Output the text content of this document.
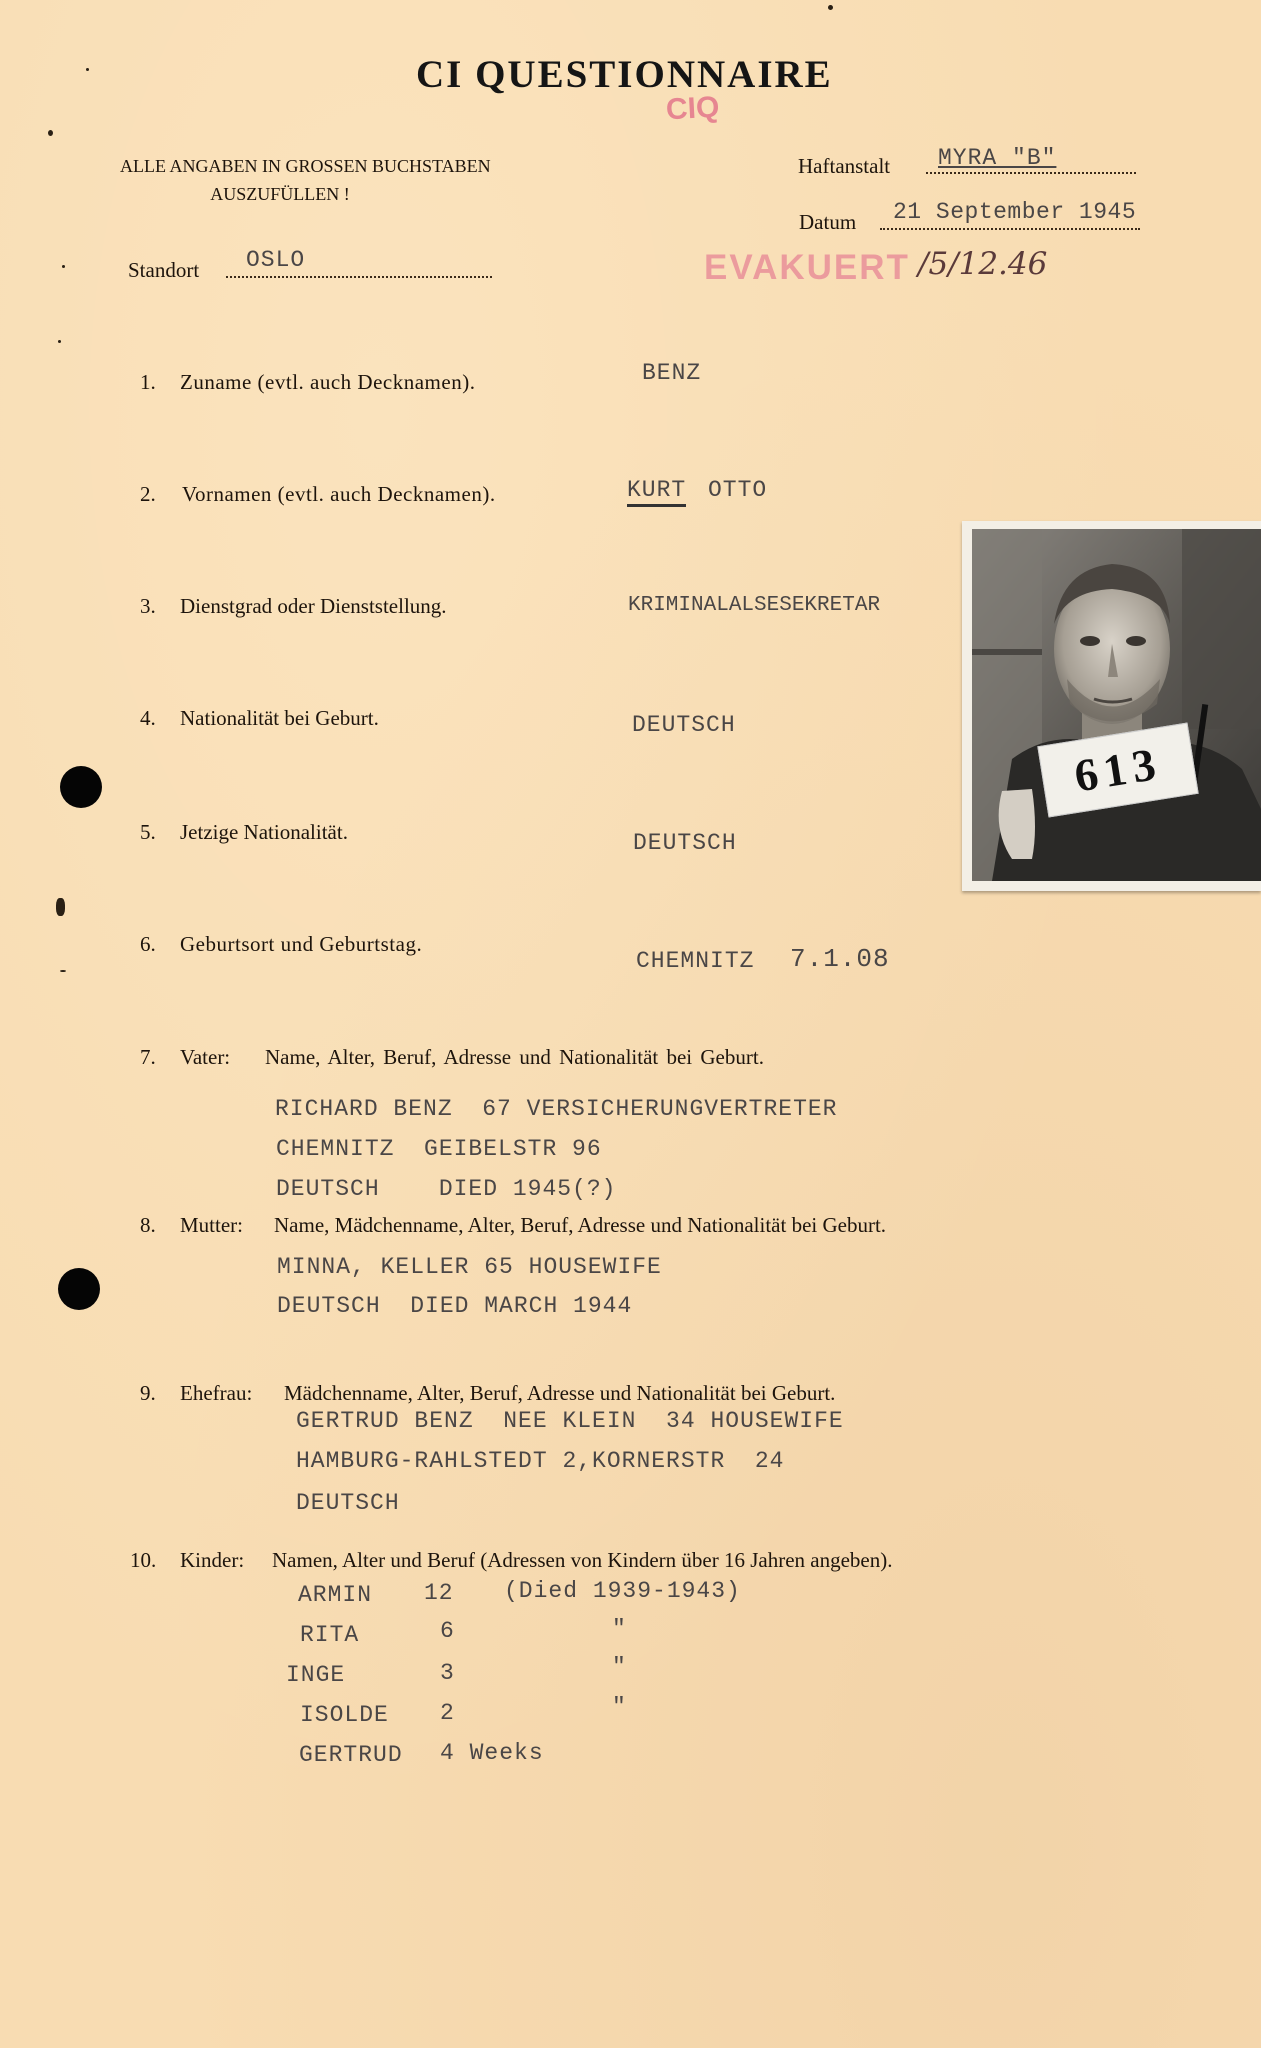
CI QUESTIONNAIRE
CIQ
ALLE ANGABEN IN GROSSEN BUCHSTABEN
AUSZUFÜLLEN !
Haftanstalt MYRA "B"
Datum 21 September 1945
Standort OSLO	EVAKUERT /5/12.46
613
1. Zuname (evtl. auch Decknamen).	BENZ
2. Vornamen (evtl. auch Decknamen).	KURT OTTO
3. Dienstgrad oder Dienststellung.	KRIMINALALSESEKRETAR
4. Nationalität bei Geburt.	DEUTSCH
5. Jetzige Nationalität.	DEUTSCH
6. Geburtsort und Geburtstag.
CHEMNITZ 7.1.08
7. Vater: Name, Alter, Beruf, Adresse und Nationalität bei Geburt.
RICHARD BENZ  67 VERSICHERUNGVERTRETER
CHEMNITZ  GEIBELSTR 96
DEUTSCH    DIED 1945(?)
8. Mutter: Name, Mädchenname, Alter, Beruf, Adresse und Nationalität bei Geburt.
MINNA, KELLER 65 HOUSEWIFE
DEUTSCH  DIED MARCH 1944
9. Ehefrau: Mädchenname, Alter, Beruf, Adresse und Nationalität bei Geburt.
GERTRUD BENZ  NEE KLEIN  34 HOUSEWIFE
HAMBURG-RAHLSTEDT 2,KORNERSTR  24
DEUTSCH
10. Kinder: Namen, Alter und Beruf (Adressen von Kindern über 16 Jahren angeben).
ARMIN 12 (Died 1939-1943)
RITA	6	"
INGE	3	"
ISOLDE 2	"
GERTRUD 4 Weeks
